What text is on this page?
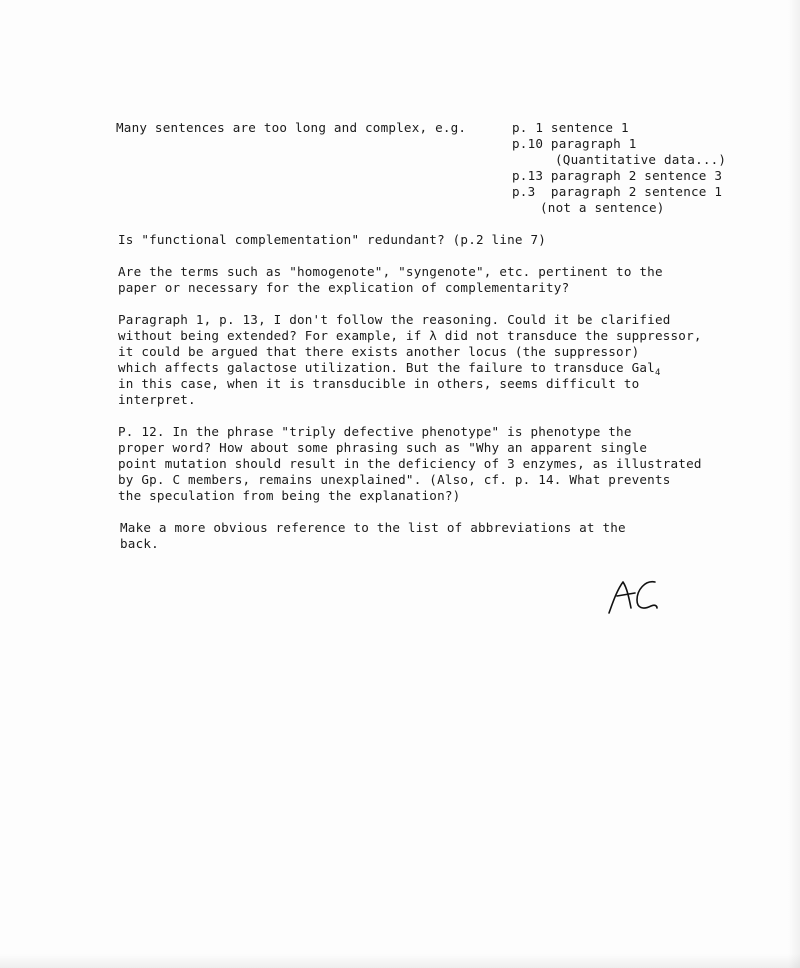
Many sentences are too long and complex, e.g.	p. 1 sentence 1
p.10 paragraph 1
(Quantitative data...)
p.13 paragraph 2 sentence 3
p.3  paragraph 2 sentence 1
(not a sentence)
Is "functional complementation" redundant? (p.2 line 7)
Are the terms such as "homogenote", "syngenote", etc. pertinent to the
paper or necessary for the explication of complementarity?
Paragraph 1, p. 13, I don't follow the reasoning. Could it be clarified
without being extended? For example, if λ did not transduce the suppressor,
it could be argued that there exists another locus (the suppressor)
which affects galactose utilization. But the failure to transduce Gal$_4$
in this case, when it is transducible in others, seems difficult to
interpret.
P. 12. In the phrase "triply defective phenotype" is phenotype the
proper word? How about some phrasing such as "Why an apparent single
point mutation should result in the deficiency of 3 enzymes, as illustrated
by Gp. C members, remains unexplained". (Also, cf. p. 14. What prevents
the speculation from being the explanation?)
Make a more obvious reference to the list of abbreviations at the
back.
